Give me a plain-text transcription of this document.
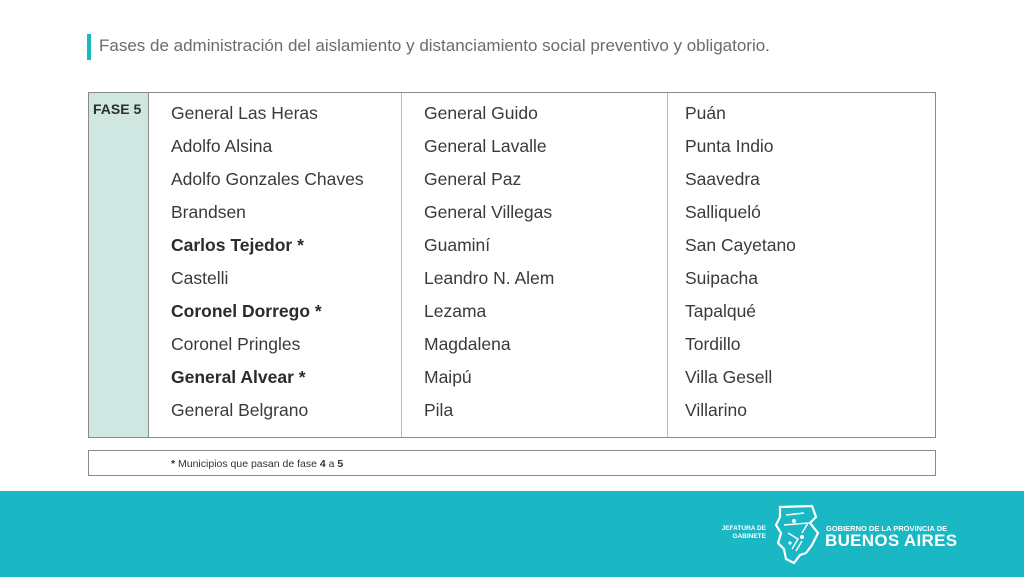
Fases de administración del aislamiento y distanciamiento social preventivo y obligatorio.
FASE 5	General Las Heras
Adolfo Alsina
Adolfo Gonzales Chaves
Brandsen
Carlos Tejedor *
Castelli
Coronel Dorrego *
Coronel Pringles
General Alvear *
General Belgrano
General Guido
General Lavalle
General Paz
General Villegas
Guaminí
Leandro N. Alem
Lezama
Magdalena
Maipú
Pila
Puán
Punta Indio
Saavedra
Salliqueló
San Cayetano
Suipacha
Tapalqué
Tordillo
Villa Gesell
Villarino
* Municipios que pasan de fase 4 a 5
JEFATURA DE GABINETE
GOBIERNO DE LA PROVINCIA DE
BUENOS AIRES
